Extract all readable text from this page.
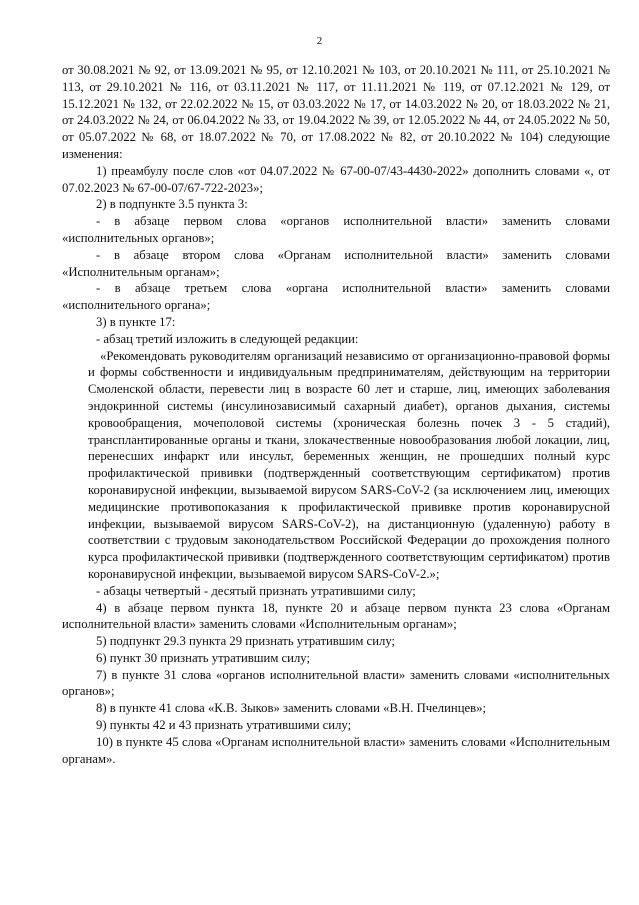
2

от 30.08.2021 № 92, от 13.09.2021 № 95, от 12.10.2021 № 103, от 20.10.2021 № 111, от 25.10.2021 № 113, от 29.10.2021 № 116, от 03.11.2021 № 117, от 11.11.2021 № 119, от 07.12.2021 № 129, от 15.12.2021 № 132, от 22.02.2022 № 15, от 03.03.2022 № 17, от 14.03.2022 № 20, от 18.03.2022 № 21, от 24.03.2022 № 24, от 06.04.2022 № 33, от 19.04.2022 № 39, от 12.05.2022 № 44, от 24.05.2022 № 50, от 05.07.2022 № 68, от 18.07.2022 № 70, от 17.08.2022 № 82, от 20.10.2022 № 104) следующие изменения:

1) преамбулу после слов «от 04.07.2022 № 67-00-07/43-4430-2022» дополнить словами «, от 07.02.2023 № 67-00-07/67-722-2023»;

2) в подпункте 3.5 пункта 3:

- в абзаце первом слова «органов исполнительной власти» заменить словами «исполнительных органов»;

- в абзаце втором слова «Органам исполнительной власти» заменить словами «Исполнительным органам»;

- в абзаце третьем слова «органа исполнительной власти» заменить словами «исполнительного органа»;

3) в пункте 17:

- абзац третий изложить в следующей редакции:

«Рекомендовать руководителям организаций независимо от организационно-правовой формы и формы собственности и индивидуальным предпринимателям, действующим на территории Смоленской области, перевести лиц в возрасте 60 лет и старше, лиц, имеющих заболевания эндокринной системы (инсулинозависимый сахарный диабет), органов дыхания, системы кровообращения, мочеполовой системы (хроническая болезнь почек 3 - 5 стадий), трансплантированные органы и ткани, злокачественные новообразования любой локации, лиц, перенесших инфаркт или инсульт, беременных женщин, не прошедших полный курс профилактической прививки (подтвержденный соответствующим сертификатом) против коронавирусной инфекции, вызываемой вирусом SARS-CoV-2 (за исключением лиц, имеющих медицинские противопоказания к профилактической прививке против коронавирусной инфекции, вызываемой вирусом SARS-CoV-2), на дистанционную (удаленную) работу в соответствии с трудовым законодательством Российской Федерации до прохождения полного курса профилактической прививки (подтвержденного соответствующим сертификатом) против коронавирусной инфекции, вызываемой вирусом SARS-CoV-2.»;

- абзацы четвертый - десятый признать утратившими силу;

4) в абзаце первом пункта 18, пункте 20 и абзаце первом пункта 23 слова «Органам исполнительной власти» заменить словами «Исполнительным органам»;

5) подпункт 29.3 пункта 29 признать утратившим силу;

6) пункт 30 признать утратившим силу;

7) в пункте 31 слова «органов исполнительной власти» заменить словами «исполнительных органов»;

8) в пункте 41 слова «К.В. Зыков» заменить словами «В.Н. Пчелинцев»;

9) пункты 42 и 43 признать утратившими силу;

10) в пункте 45 слова «Органам исполнительной власти» заменить словами «Исполнительным органам».
